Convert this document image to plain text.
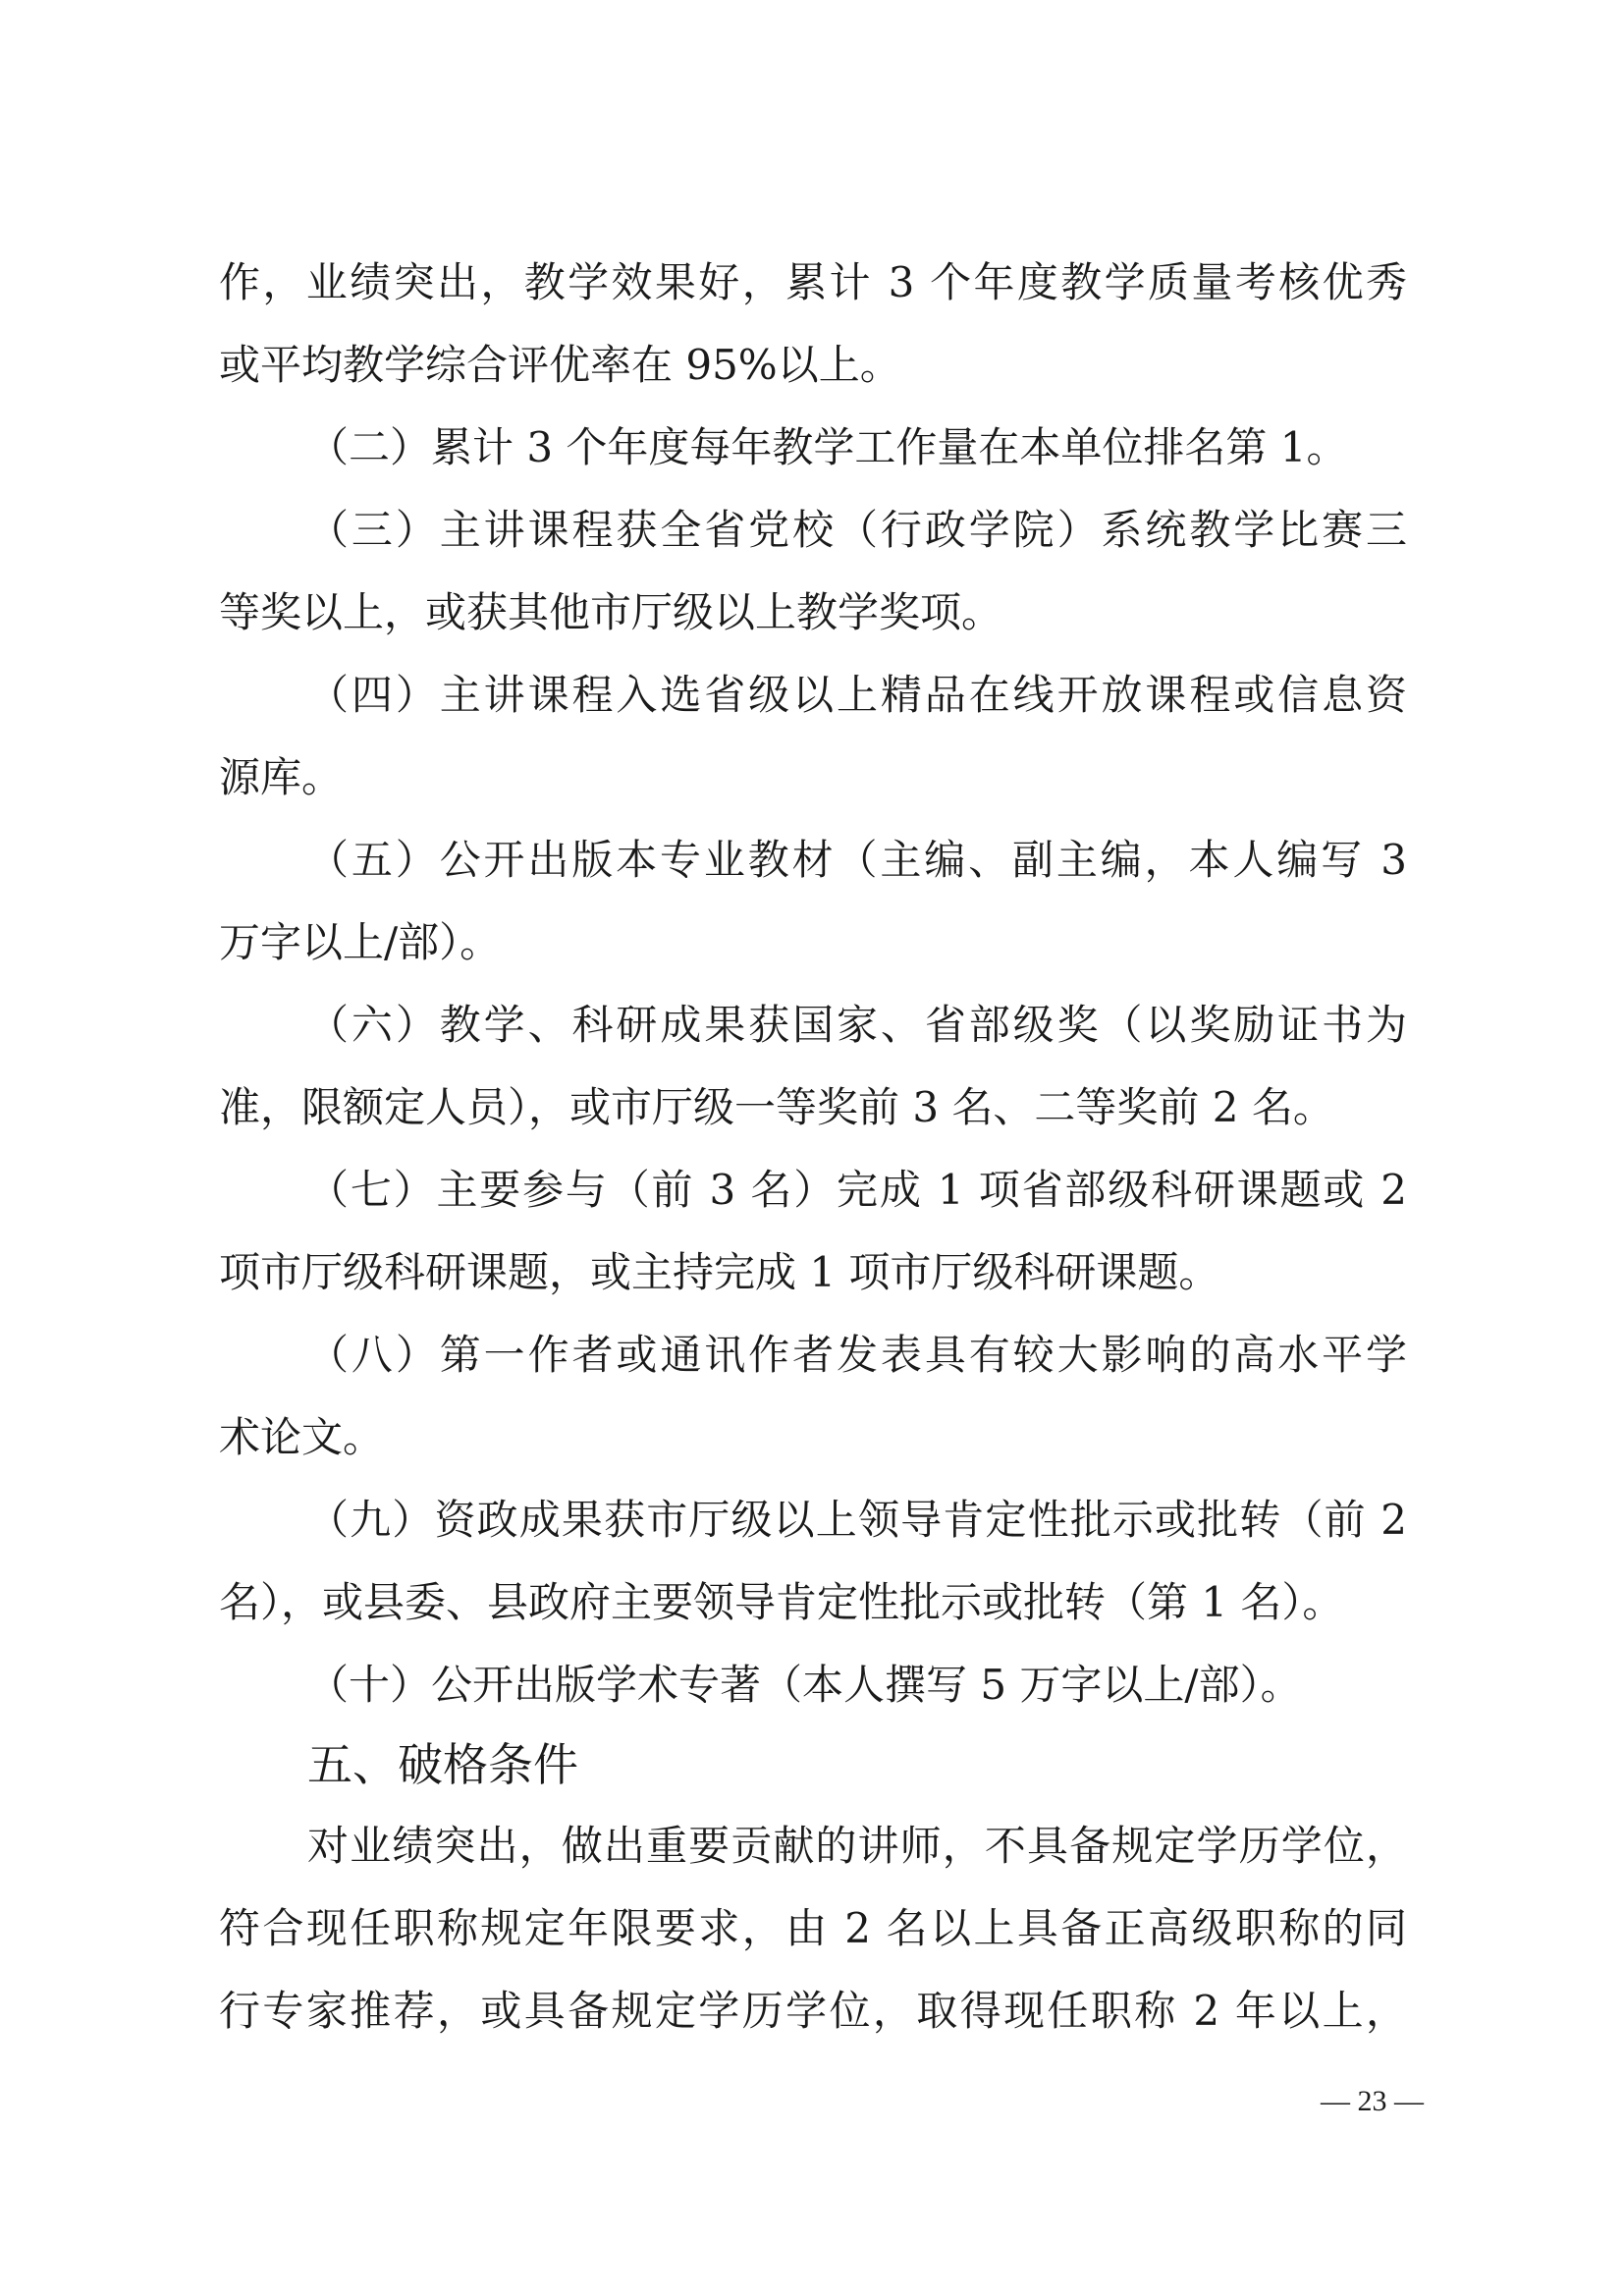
作，业绩突出，教学效果好，累计 3 个年度教学质量考核优秀
或平均教学综合评优率在 95%以上。
（二）累计 3 个年度每年教学工作量在本单位排名第 1。
（三）主讲课程获全省党校（行政学院）系统教学比赛三
等奖以上，或获其他市厅级以上教学奖项。
（四）主讲课程入选省级以上精品在线开放课程或信息资
源库。
（五）公开出版本专业教材（主编、副主编，本人编写 3
万字以上/部）。
（六）教学、科研成果获国家、省部级奖（以奖励证书为
准，限额定人员），或市厅级一等奖前 3 名、二等奖前 2 名。
（七）主要参与（前 3 名）完成 1 项省部级科研课题或 2
项市厅级科研课题，或主持完成 1 项市厅级科研课题。
（八）第一作者或通讯作者发表具有较大影响的高水平学
术论文。
（九）资政成果获市厅级以上领导肯定性批示或批转（前 2
名），或县委、县政府主要领导肯定性批示或批转（第 1 名）。
（十）公开出版学术专著（本人撰写 5 万字以上/部）。
五、破格条件
对业绩突出，做出重要贡献的讲师，不具备规定学历学位，
符合现任职称规定年限要求，由 2 名以上具备正高级职称的同
行专家推荐，或具备规定学历学位，取得现任职称 2 年以上，
— 23 —
